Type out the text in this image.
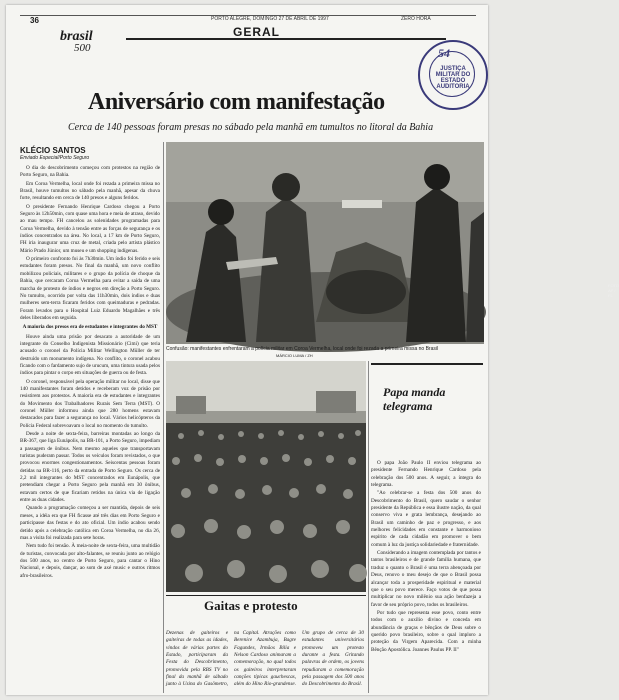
36	PORTO ALEGRE, DOMINGO 27 DE ABRIL DE 1997	ZERO HORA
brasil
500
GERAL
54
JUSTIÇA MILITAR DO ESTADO AUDITORIA
Aniversário com manifestação
Cerca de 140 pessoas foram presas no sábado pela manhã em tumultos no litoral da Bahia
KLÉCIO SANTOS
Enviado Especial/Porto Seguro

O dia do descobrimento começou com protestos na região de Porto Seguro, na Bahia.

Em Coroa Vermelha, local onde foi rezada a primeira missa no Brasil, houve tumultos no sábado pela manhã, apesar da chuva forte, resultando em cerca de 140 presos e alguns feridos.

O presidente Fernando Henrique Cardoso chegou a Porto Seguro às 12h50min, com quase uma hora e meia de atraso, devido ao mau tempo. FH cancelou as solenidades programadas para Coroa Vermelha, devido à tensão entre as forças de segurança e os índios concentrados na área. No local, a 17 km de Porto Seguro, FH iria inaugurar uma cruz de metal, criada pelo artista plástico Mário Prado Júnior, um museu e um shopping indígenas.

O primeiro confronto foi às 7h30min. Um índio foi ferido e seis estudantes foram presos. No final da manhã, um novo conflito mobilizou policiais, militares e o grupo da polícia de choque da Bahia, que cercaram Coroa Vermelha para evitar a saída de uma marcha de protesto de índios e negros em direção a Porto Seguro. No tumulto, ocorrido por volta das 11h30min, dois índios e duas mulheres sem-terra ficaram feridos com queimaduras e pedradas. Foram levados para o Hospital Luiz Eduardo Magalhães e três deles liberados em seguida.

A maioria dos presos era de estudantes e integrantes do MST

Houve ainda uma prisão por desacato a autoridade de um integrante do Conselho Indigenista Missionário (Cimi) que teria acusado o coronel da Polícia Militar Wellington Müller de ter destruído um monumento indígena. No conflito, o coronel acabou ficando com o fardamento sujo de urucum, uma tintura usada pelos índios para pintar o corpo em situações de guerra ou de festa.

O coronel, responsável pela operação militar no local, disse que 140 manifestantes foram detidos e receberam voz de prisão por resistirem aos protestos. A maioria era de estudantes e integrantes do Movimento dos Trabalhadores Rurais Sem Terra (MST). O coronel Müller informou ainda que 280 homens estavam destacados para fazer a segurança no local. Vários helicópteros da Polícia Federal sobrevoavam o local no momento do tumulto.

Desde a noite de sexta-feira, barreiras montadas ao longo da BR-367, que liga Eunápolis, na BR-101, a Porto Seguro, impediam a passagem de ônibus. Nem mesmo aqueles que transportavam turistas puderam passar. Todos os veículos foram revistados, o que provocou enormes congestionamentos. Seiscentas pessoas foram detidas na BR-116, perto da entrada de Porto Seguro. Os cerca de 2,2 mil integrantes do MST concentrados em Eunápolis, que pretendiam chegar a Porto Seguro pela manhã em 30 ônibus, estavam certos de que ficariam retidos na única via de ligação entre as duas cidades.

Quando a programação começou a ser mantida, depois de seis meses, a idéia era que FH ficasse até três dias em Porto Seguro e participasse das festas e do ato oficial. Um índio acabou sendo detido após a celebração católica em Coroa Vermelha, no dia 26, mas a visita foi realizada para sete horas.

Nem tudo foi tensão. À meia-noite de sexta-feira, uma multidão de turistas, convocada por alto-falantes, se reuniu junto ao relógio dos 500 anos, no centro de Porto Seguro, para cantar o Hino Nacional, e depois, dançar, ao som de axé music e outros ritmos afro-brasileiros.

FOTO AP / FL
Confusão: manifestantes enfrentaram a polícia militar em Coroa Vermelha, local onde foi rezada a primeira missa no Brasil
MÁRCIO LUMA / ZH
Gaitas e protesto

Dezenas de gaiteiros e gaiteiras de todas as idades, vindos de várias partes do Estado, participaram da Festa do Descobrimento, promovida pela RBS TV no final da manhã de sábado junto à Usina do Gasômetro, na Capital. Atrações como Berenice Azambuja, Bagre Fagundes, Irmãos Bilia e Nelson Cardoso animaram a comemoração, no qual todos os gaiteiros interpretaram canções típicas gauchescas, além do Hino Rio-grandense. Um grupo de cerca de 30 estudantes universitários promoveu um protesto durante a festa. Gritando palavras de ordem, os jovens repudiaram a comemoração pela passagem dos 500 anos do Descobrimento do Brasil.

Papa manda telegrama

O papa João Paulo II enviou telegrama ao presidente Fernando Henrique Cardoso pela celebração dos 500 anos. A seguir, a íntegra do telegrama.

"Ao celebrar-se a festa dos 500 anos do Descobrimento do Brasil, quero saudar o senhor presidente da República e essa ilustre nação, da qual conservo viva e grata lembrança, desejando ao Brasil um caminho de paz e progresso, e aos melhores felicidades em constante e harmonioso espírito de cada cidadão em promover o bem comum à luz da justiça solidariedade e fraternidade.

Considerando a imagem contemplada por tantos e tantos brasileiros e de grande família humana, que traduz o quanto o Brasil é uma terra abençoada por Deus, renovo o meu desejo de que o Brasil possa alcançar toda a prosperidade espiritual e material que o seu povo merece. Faço votos de que possa multiplicar no novo milênio sua ação benfazeja a favor de seu próprio povo, todos os brasileiros.

Por tudo que representa esse povo, conto entre todos com o auxílio divino e conceda em abundância de graças e bênçãos de Deus sobre o querido povo brasileiro, sobre o qual imploro a proteção da Virgem Aparecida. Com a minha Bênção Apostólica. Joannes Paulus PP. II"
